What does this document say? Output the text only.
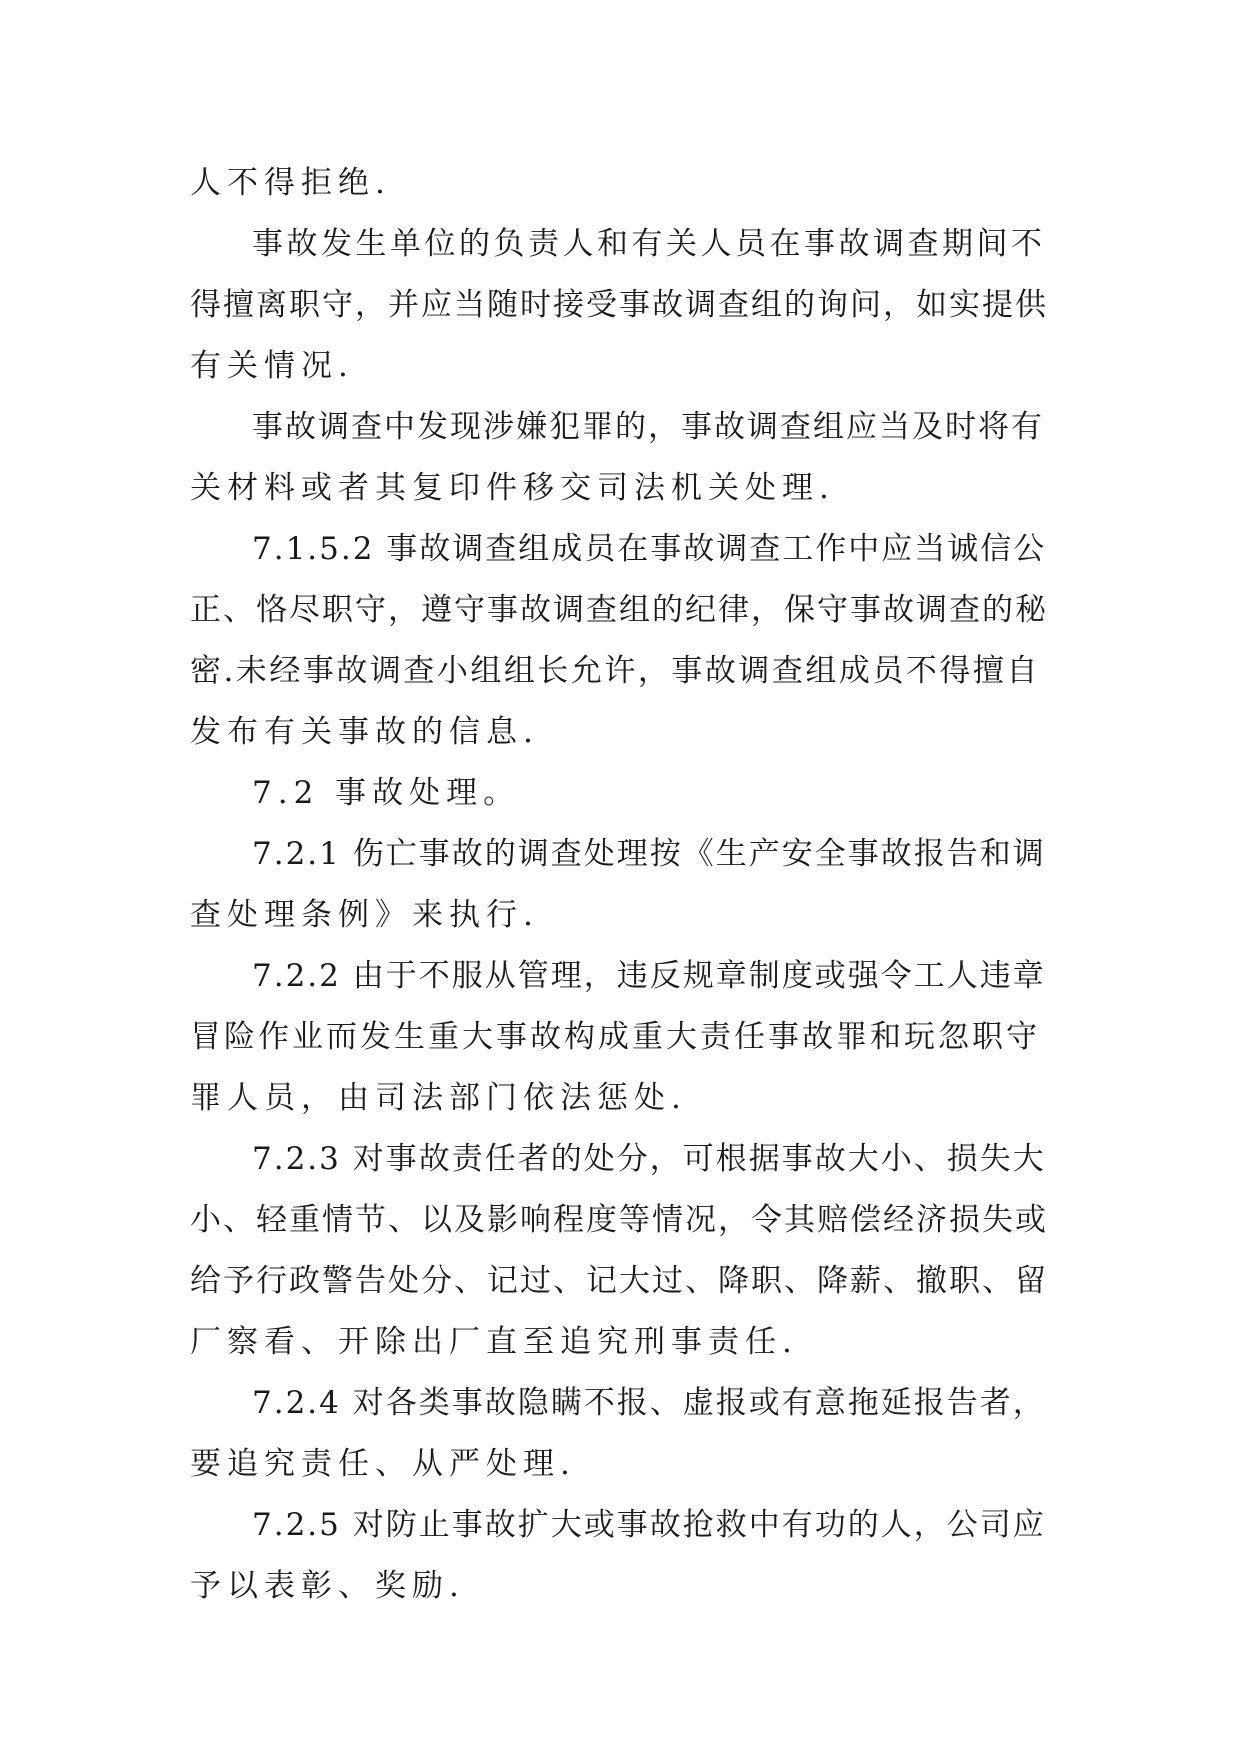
人不得拒绝.
事故发生单位的负责人和有关人员在事故调查期间不
得擅离职守，并应当随时接受事故调查组的询问，如实提供
有关情况.
事故调查中发现涉嫌犯罪的，事故调查组应当及时将有
关材料或者其复印件移交司法机关处理.
7.1.5.2 事故调查组成员在事故调查工作中应当诚信公
正、恪尽职守，遵守事故调查组的纪律，保守事故调查的秘
密.未经事故调查小组组长允许，事故调查组成员不得擅自
发布有关事故的信息.
7.2 事故处理。
7.2.1 伤亡事故的调查处理按《生产安全事故报告和调
查处理条例》来执行.
7.2.2 由于不服从管理，违反规章制度或强令工人违章
冒险作业而发生重大事故构成重大责任事故罪和玩忽职守
罪人员，由司法部门依法惩处.
7.2.3 对事故责任者的处分，可根据事故大小、损失大
小、轻重情节、以及影响程度等情况，令其赔偿经济损失或
给予行政警告处分、记过、记大过、降职、降薪、撤职、留
厂察看、开除出厂直至追究刑事责任.
7.2.4 对各类事故隐瞒不报、虚报或有意拖延报告者，
要追究责任、从严处理.
7.2.5 对防止事故扩大或事故抢救中有功的人，公司应
予以表彰、奖励.
